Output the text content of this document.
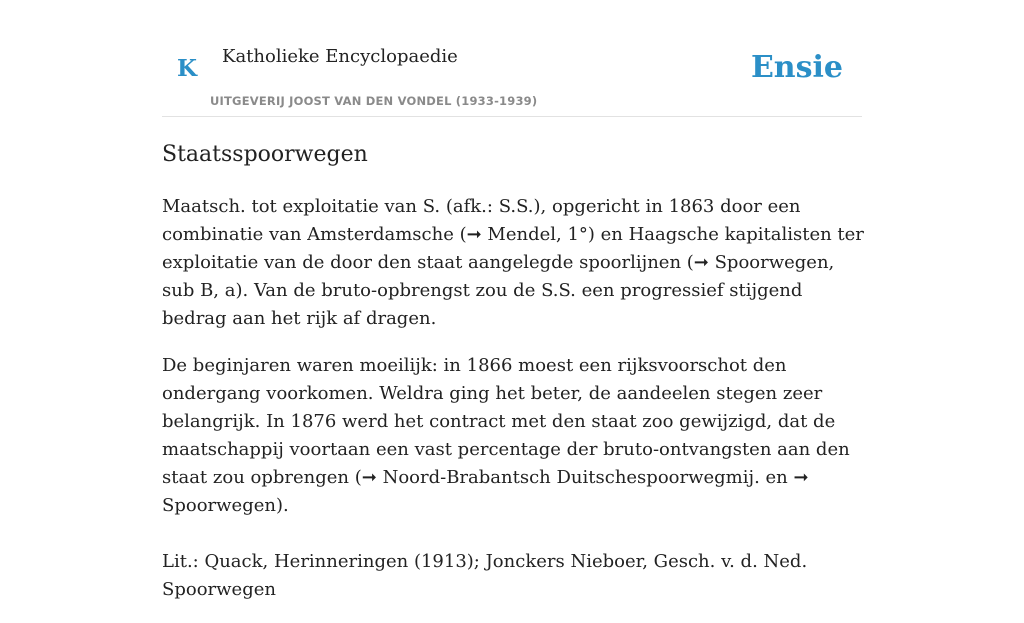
K Katholieke Encyclopaedie
UITGEVERIJ JOOST VAN DEN VONDEL (1933-1939)
Ensie
Staatsspoorwegen

Maatsch. tot exploitatie van S. (afk.: S.S.), opgericht in 1863 door een combinatie van Amsterdamsche (➞ Mendel, 1°) en Haagsche kapitalisten ter exploitatie van de door den staat aangelegde spoorlijnen (➞ Spoorwegen, sub B, a). Van de bruto-opbrengst zou de S.S. een progressief stijgend bedrag aan het rijk af dragen.

De beginjaren waren moeilijk: in 1866 moest een rijksvoorschot den ondergang voorkomen. Weldra ging het beter, de aandeelen stegen zeer belangrijk. In 1876 werd het contract met den staat zoo gewijzigd, dat de maatschappij voortaan een vast percentage der bruto-ontvangsten aan den staat zou opbrengen (➞ Noord-Brabantsch Duitschespoorwegmij. en ➞ Spoorwegen).

Lit.: Quack, Herinneringen (1913); Jonckers Nieboer, Gesch. v. d. Ned. Spoorwegen
